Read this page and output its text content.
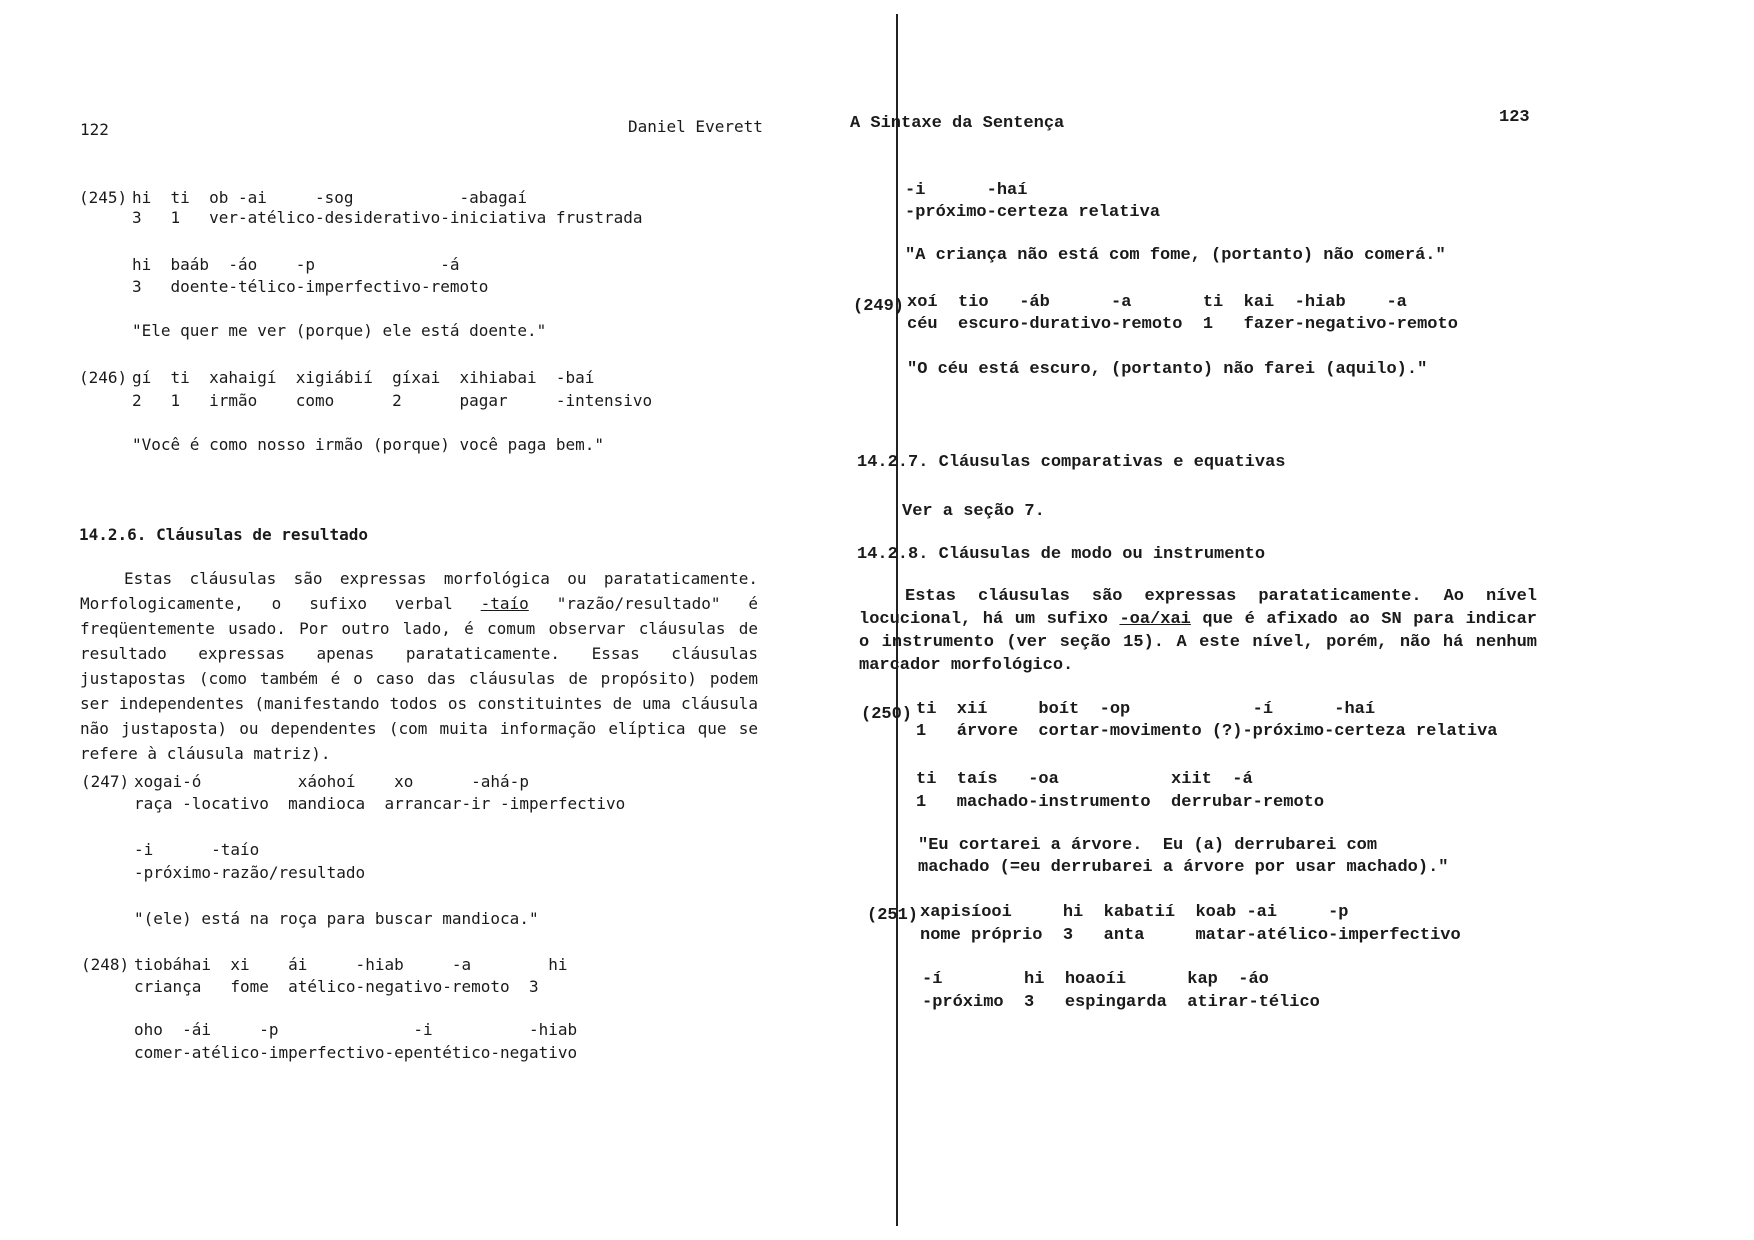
122	Daniel Everett
(245) hi  ti  ob -ai     -sog           -abagaí
3   1   ver-atélico-desiderativo-iniciativa frustrada
hi  baáb  -áo    -p             -á
3   doente-télico-imperfectivo-remoto
"Ele quer me ver (porque) ele está doente."
(246) gí  ti  xahaigí  xigiábií  gíxai  xihiabai  -baí
2   1   irmão    como      2      pagar     -intensivo
"Você é como nosso irmão (porque) você paga bem."
14.2.6. Cláusulas de resultado
Estas cláusulas são expressas morfológica ou parataticamente. Morfologicamente, o sufixo verbal -taío "razão/resultado" é freqüentemente usado. Por outro lado, é comum observar cláusulas de resultado expressas apenas parataticamente. Essas cláusulas justapostas (como também é o caso das cláusulas de propósito) podem ser independentes (manifestando todos os constituintes de uma cláusula não justaposta) ou dependentes (com muita informação elíptica que se refere à cláusula matriz).
(247) xogai-ó          xáohoí    xo      -ahá-p
raça -locativo  mandioca  arrancar-ir -imperfectivo
-i      -taío
-próximo-razão/resultado
"(ele) está na roça para buscar mandioca."
(248) tiobáhai  xi    ái     -hiab     -a        hi
criança   fome  atélico-negativo-remoto  3
oho  -ái     -p              -i          -hiab
comer-atélico-imperfectivo-epentético-negativo
A Sintaxe da Sentença	123
-i      -haí
-próximo-certeza relativa
"A criança não está com fome, (portanto) não comerá."
(249) xoí  tio   -áb      -a       ti  kai  -hiab    -a
céu  escuro-durativo-remoto  1   fazer-negativo-remoto
"O céu está escuro, (portanto) não farei (aquilo)."
14.2.7. Cláusulas comparativas e equativas
Ver a seção 7.
14.2.8. Cláusulas de modo ou instrumento
Estas cláusulas são expressas parataticamente. Ao nível locucional, há um sufixo -oa/xai que é afixado ao SN para indicar o instrumento (ver seção 15). A este nível, porém, não há nenhum marcador morfológico.
(250) ti  xií     boít  -op            -í      -haí
1   árvore  cortar-movimento (?)-próximo-certeza relativa
ti  taís   -oa           xiit  -á
1   machado-instrumento  derrubar-remoto
"Eu cortarei a árvore.  Eu (a) derrubarei com
machado (=eu derrubarei a árvore por usar machado)."
(251) xapisíooi     hi  kabatií  koab -ai     -p
nome próprio  3   anta     matar-atélico-imperfectivo
-í        hi  hoaoíi      kap  -áo
-próximo  3   espingarda  atirar-télico
